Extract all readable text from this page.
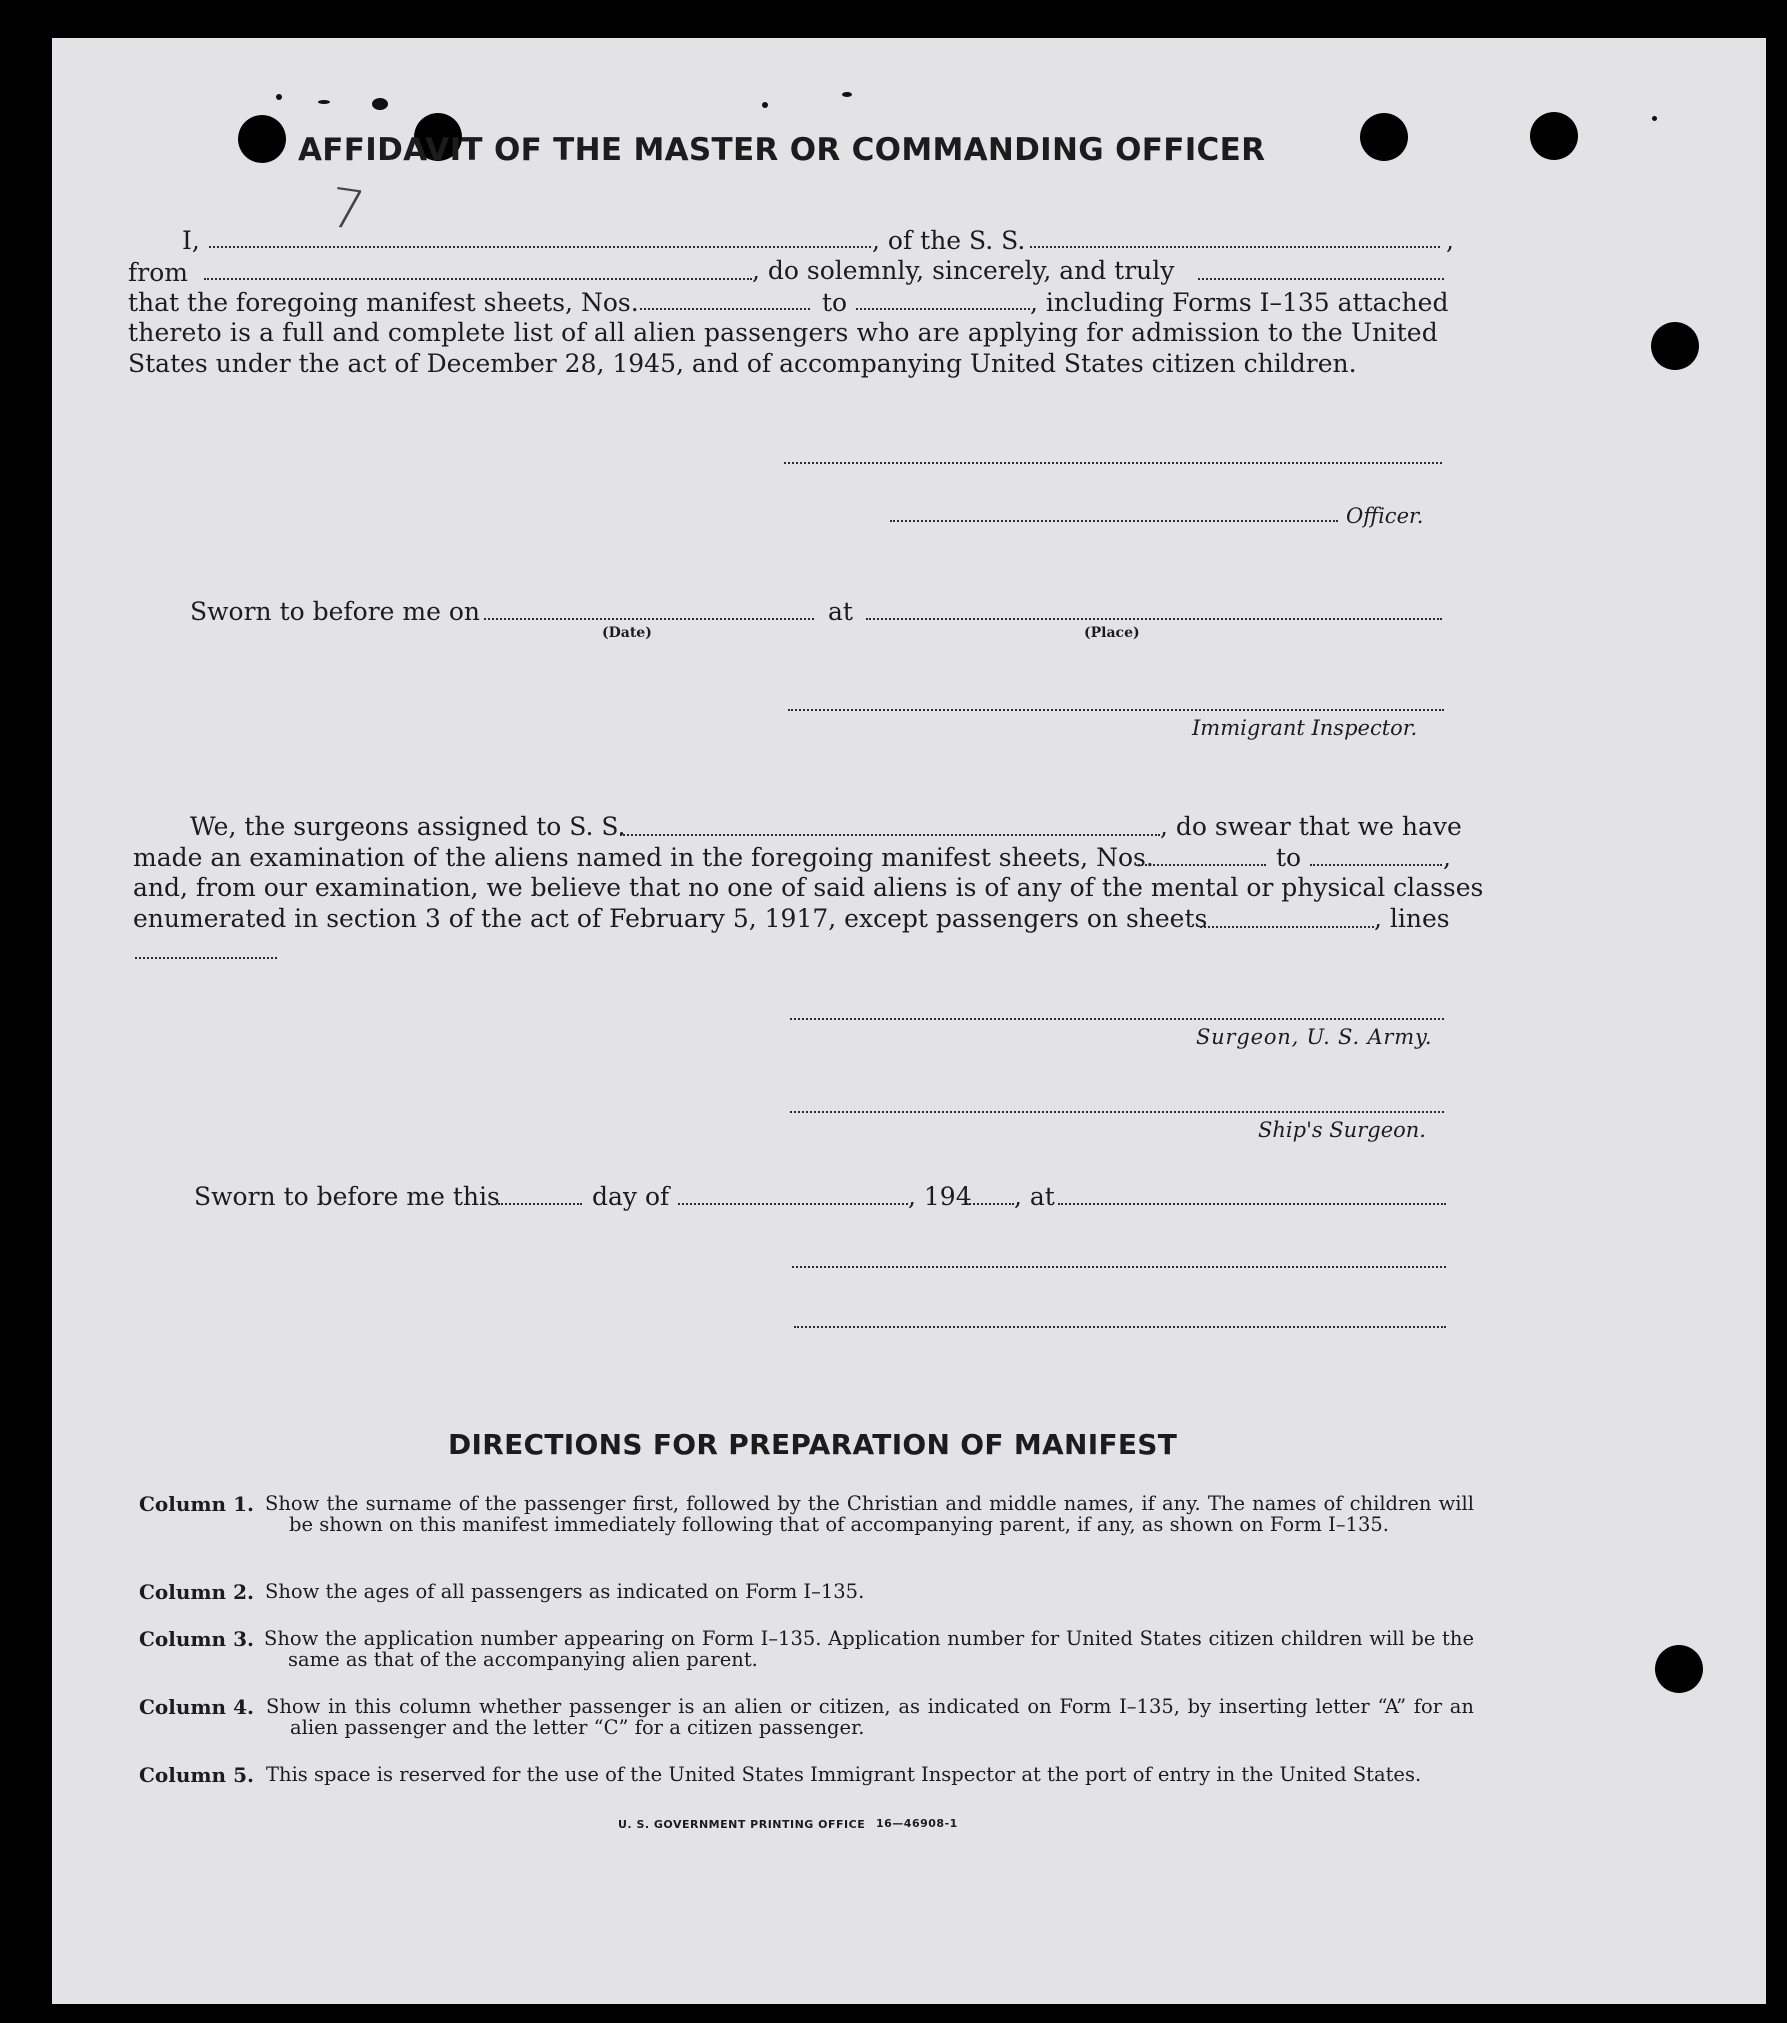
AFFIDAVIT OF THE MASTER OR COMMANDING OFFICER
I, 7	, of the S. S.	,
from	, do solemnly, sincerely, and truly
that the foregoing manifest sheets, Nos.	to	, including Forms I–135 attached
thereto is a full and complete list of all alien passengers who are applying for admission to the United
States under the act of December 28, 1945, and of accompanying United States citizen children.
Officer.
Sworn to before me on
(Date)
at
(Place)
Immigrant Inspector.
We, the surgeons assigned to S. S.	, do swear that we have
made an examination of the aliens named in the foregoing manifest sheets, Nos.	to	,
and, from our examination, we believe that no one of said aliens is of any of the mental or physical classes
enumerated in section 3 of the act of February 5, 1917, except passengers on sheets	, lines
Surgeon, U. S. Army.
Ship's Surgeon.
Sworn to before me this	day of	, 194 , at
DIRECTIONS FOR PREPARATION OF MANIFEST
Column 1. Show the surname of the passenger first, followed by the Christian and middle names, if any. The names of children will be shown on this manifest immediately following that of accompanying parent, if any, as shown on Form I–135.
Column 2. Show the ages of all passengers as indicated on Form I–135.
Column 3. Show the application number appearing on Form I–135. Application number for United States citizen children will be the same as that of the accompanying alien parent.
Column 4. Show in this column whether passenger is an alien or citizen, as indicated on Form I–135, by inserting letter “A” for an alien passenger and the letter “C” for a citizen passenger.
Column 5. This space is reserved for the use of the United States Immigrant Inspector at the port of entry in the United States.
U. S. GOVERNMENT PRINTING OFFICE 16—46908-1
